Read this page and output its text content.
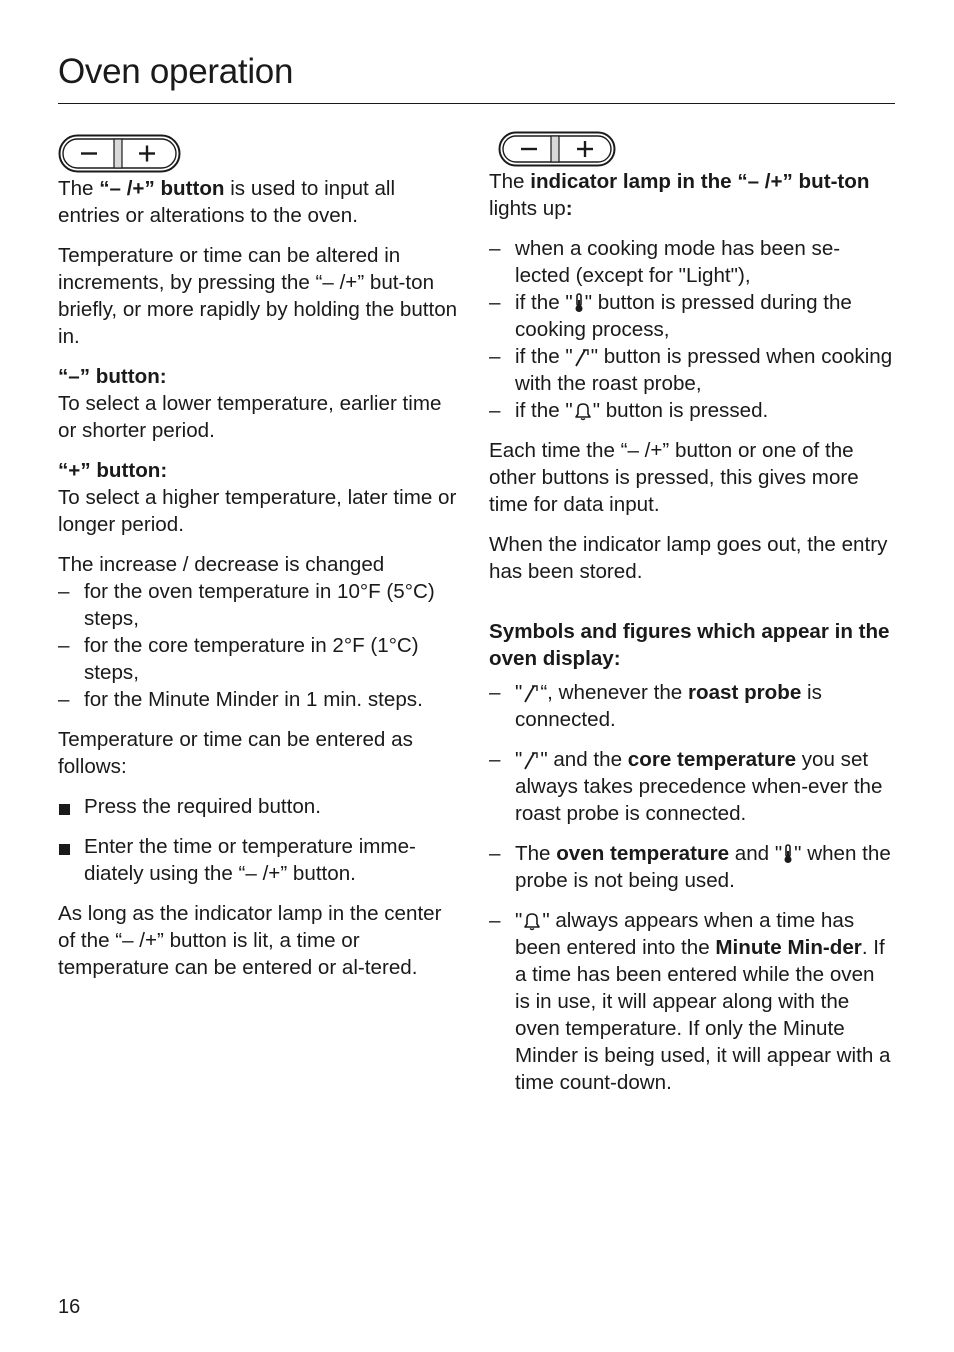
Oven operation

The “– /+” button is used to input all entries or alterations to the oven.

Temperature or time can be altered in increments, by pressing the “– /+” but-ton briefly, or more rapidly by holding the button in.

“–” button:

To select a lower temperature, earlier time or shorter period.

“+” button:

To select a higher temperature, later time or longer period.

The increase / decrease is changed

– for the oven temperature in 10°F (5°C) steps,
– for the core temperature in 2°F (1°C) steps,
– for the Minute Minder in 1 min. steps.

Temperature or time can be entered as follows:

Press the required button.
Enter the time or temperature imme-diately using the “– /+” button.

As long as the indicator lamp in the center of the “– /+” button is lit, a time or temperature can be entered or al-tered.

The indicator lamp in the “– /+” but-ton lights up:

– when a cooking mode has been se-lected (except for "Light"),
– if the " " button is pressed during the cooking process,
– if the " " button is pressed when cooking with the roast probe,
– if the " " button is pressed.

Each time the “– /+” button or one of the other buttons is pressed, this gives more time for data input.

When the indicator lamp goes out, the entry has been stored.

Symbols and figures which appear in the oven display:

– " “, whenever the roast probe is connected.
– " " and the core temperature you set always takes precedence when-ever the roast probe is connected.
– The oven temperature and " " when the probe is not being used.
– " " always appears when a time has been entered into the Minute Min-der. If a time has been entered while the oven is in use, it will appear along with the oven temperature. If only the Minute Minder is being used, it will appear with a time count-down.
16
